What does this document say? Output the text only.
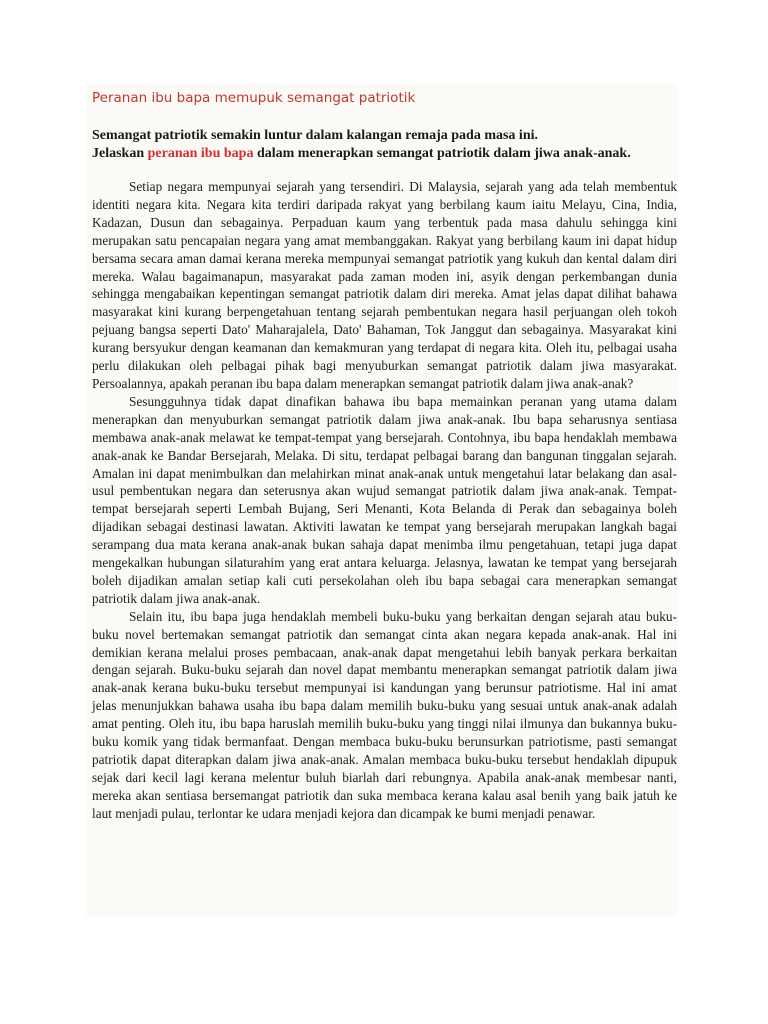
Peranan ibu bapa memupuk semangat patriotik
Semangat patriotik semakin luntur dalam kalangan remaja pada masa ini.
Jelaskan peranan ibu bapa dalam menerapkan semangat patriotik dalam jiwa anak-anak.

Setiap negara mempunyai sejarah yang tersendiri. Di Malaysia, sejarah yang ada telah membentuk identiti negara kita. Negara kita terdiri daripada rakyat yang berbilang kaum iaitu Melayu, Cina, India, Kadazan, Dusun dan sebagainya. Perpaduan kaum yang terbentuk pada masa dahulu sehingga kini merupakan satu pencapaian negara yang amat membanggakan. Rakyat yang berbilang kaum ini dapat hidup bersama secara aman damai kerana mereka mempunyai semangat patriotik yang kukuh dan kental dalam diri mereka. Walau bagaimanapun, masyarakat pada zaman moden ini, asyik dengan perkembangan dunia sehingga mengabaikan kepentingan semangat patriotik dalam diri mereka. Amat jelas dapat dilihat bahawa masyarakat kini kurang berpengetahuan tentang sejarah pembentukan negara hasil perjuangan oleh tokoh pejuang bangsa seperti Dato' Maharajalela, Dato' Bahaman, Tok Janggut dan sebagainya. Masyarakat kini kurang bersyukur dengan keamanan dan kemakmuran yang terdapat di negara kita. Oleh itu, pelbagai usaha perlu dilakukan oleh pelbagai pihak bagi menyuburkan semangat patriotik dalam jiwa masyarakat. Persoalannya, apakah peranan ibu bapa dalam menerapkan semangat patriotik dalam jiwa anak-anak?

Sesungguhnya tidak dapat dinafikan bahawa ibu bapa memainkan peranan yang utama dalam menerapkan dan menyuburkan semangat patriotik dalam jiwa anak-anak. Ibu bapa seharusnya sentiasa membawa anak-anak melawat ke tempat-tempat yang bersejarah. Contohnya, ibu bapa hendaklah membawa anak-anak ke Bandar Bersejarah, Melaka. Di situ, terdapat pelbagai barang dan bangunan tinggalan sejarah. Amalan ini dapat menimbulkan dan melahirkan minat anak-anak untuk mengetahui latar belakang dan asal-usul pembentukan negara dan seterusnya akan wujud semangat patriotik dalam jiwa anak-anak. Tempat-tempat bersejarah seperti Lembah Bujang, Seri Menanti, Kota Belanda di Perak dan sebagainya boleh dijadikan sebagai destinasi lawatan. Aktiviti lawatan ke tempat yang bersejarah merupakan langkah bagai serampang dua mata kerana anak-anak bukan sahaja dapat menimba ilmu pengetahuan, tetapi juga dapat mengekalkan hubungan silaturahim yang erat antara keluarga. Jelasnya, lawatan ke tempat yang bersejarah boleh dijadikan amalan setiap kali cuti persekolahan oleh ibu bapa sebagai cara menerapkan semangat patriotik dalam jiwa anak-anak.

Selain itu, ibu bapa juga hendaklah membeli buku-buku yang berkaitan dengan sejarah atau buku-buku novel bertemakan semangat patriotik dan semangat cinta akan negara kepada anak-anak. Hal ini demikian kerana melalui proses pembacaan, anak-anak dapat mengetahui lebih banyak perkara berkaitan dengan sejarah. Buku-buku sejarah dan novel dapat membantu menerapkan semangat patriotik dalam jiwa anak-anak kerana buku-buku tersebut mempunyai isi kandungan yang berunsur patriotisme. Hal ini amat jelas menunjukkan bahawa usaha ibu bapa dalam memilih buku-buku yang sesuai untuk anak-anak adalah amat penting. Oleh itu, ibu bapa haruslah memilih buku-buku yang tinggi nilai ilmunya dan bukannya buku-buku komik yang tidak bermanfaat. Dengan membaca buku-buku berunsurkan patriotisme, pasti semangat patriotik dapat diterapkan dalam jiwa anak-anak. Amalan membaca buku-buku tersebut hendaklah dipupuk sejak dari kecil lagi kerana melentur buluh biarlah dari rebungnya. Apabila anak-anak membesar nanti, mereka akan sentiasa bersemangat patriotik dan suka membaca kerana kalau asal benih yang baik jatuh ke laut menjadi pulau, terlontar ke udara menjadi kejora dan dicampak ke bumi menjadi penawar.
